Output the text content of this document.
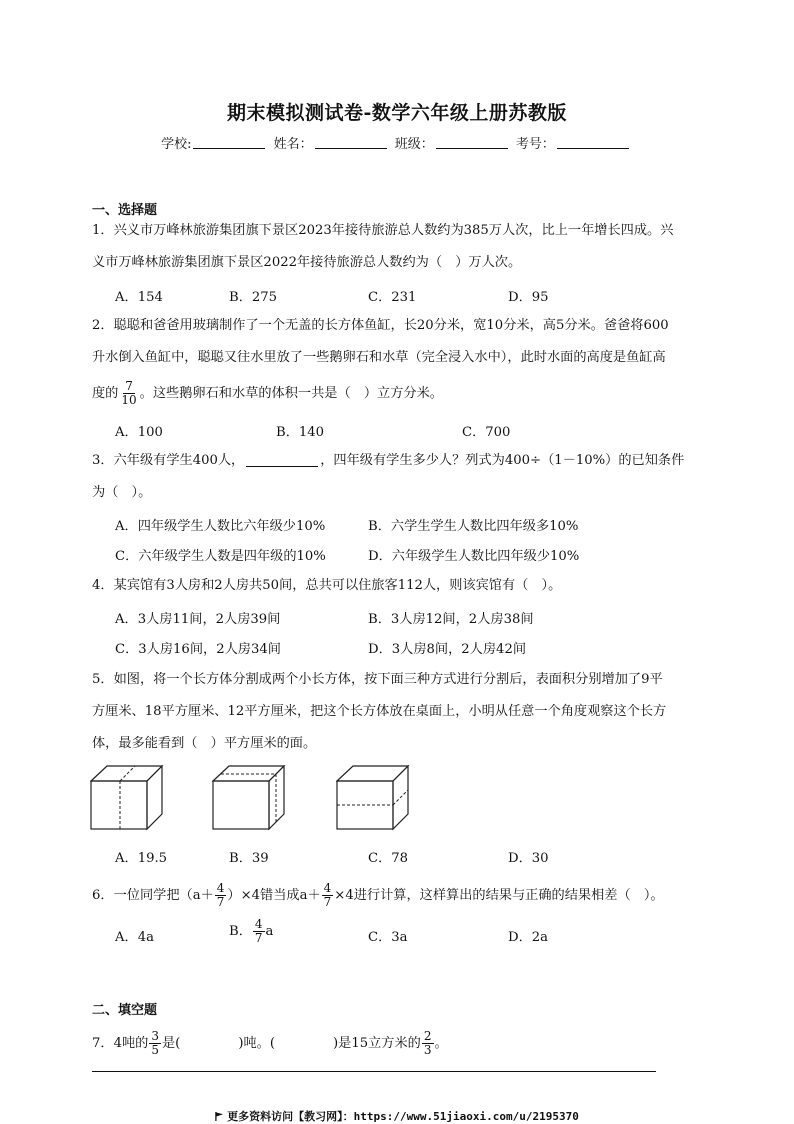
期末模拟测试卷-数学六年级上册苏教版
学校:	姓名：	班级：	考号：
一、选择题
1．兴义市万峰林旅游集团旗下景区2023年接待旅游总人数约为385万人次，比上一年增长四成。兴
义市万峰林旅游集团旗下景区2022年接待旅游总人数约为（　）万人次。
A．154	B．275	C．231	D．95
2．聪聪和爸爸用玻璃制作了一个无盖的长方体鱼缸，长20分米，宽10分米，高5分米。爸爸将600
升水倒入鱼缸中，聪聪又往水里放了一些鹅卵石和水草（完全浸入水中），此时水面的高度是鱼缸高
度的 $\frac{7}{10}$ 。这些鹅卵石和水草的体积一共是（　）立方分米。
A．100	B．140	C．700
3．六年级有学生400人，	，四年级有学生多少人？列式为400÷（1－10%）的已知条件
为（　）。
A．四年级学生人数比六年级少10%	B．六学生学生人数比四年级多10%
C．六年级学生人数是四年级的10%	D．六年级学生人数比四年级少10%
4．某宾馆有3人房和2人房共50间，总共可以住旅客112人，则该宾馆有（　）。
A．3人房11间，2人房39间	B．3人房12间，2人房38间
C．3人房16间，2人房34间	D．3人房8间，2人房42间
5．如图，将一个长方体分割成两个小长方体，按下面三种方式进行分割后，表面积分别增加了9平
方厘米、18平方厘米、12平方厘米，把这个长方体放在桌面上，小明从任意一个角度观察这个长方
体，最多能看到（　）平方厘米的面。
A．19.5	B．39	C．78	D．30
6．一位同学把$(a+ \frac{4}{7} )\times 4$错当成$a+ \frac{4}{7} \times 4$进行计算，这样算出的结果与正确的结果相差（　）。
A．4a	B． $\frac{4}{7}$ a	C．3a	D．2a
二、填空题
7．4吨的 $\frac{3}{5}$ 是(	)吨。(	)是15立方米的 $\frac{2}{3}$ 。
更多资料访问【教习网】：https://www.51jiaoxi.com/u/2195370
